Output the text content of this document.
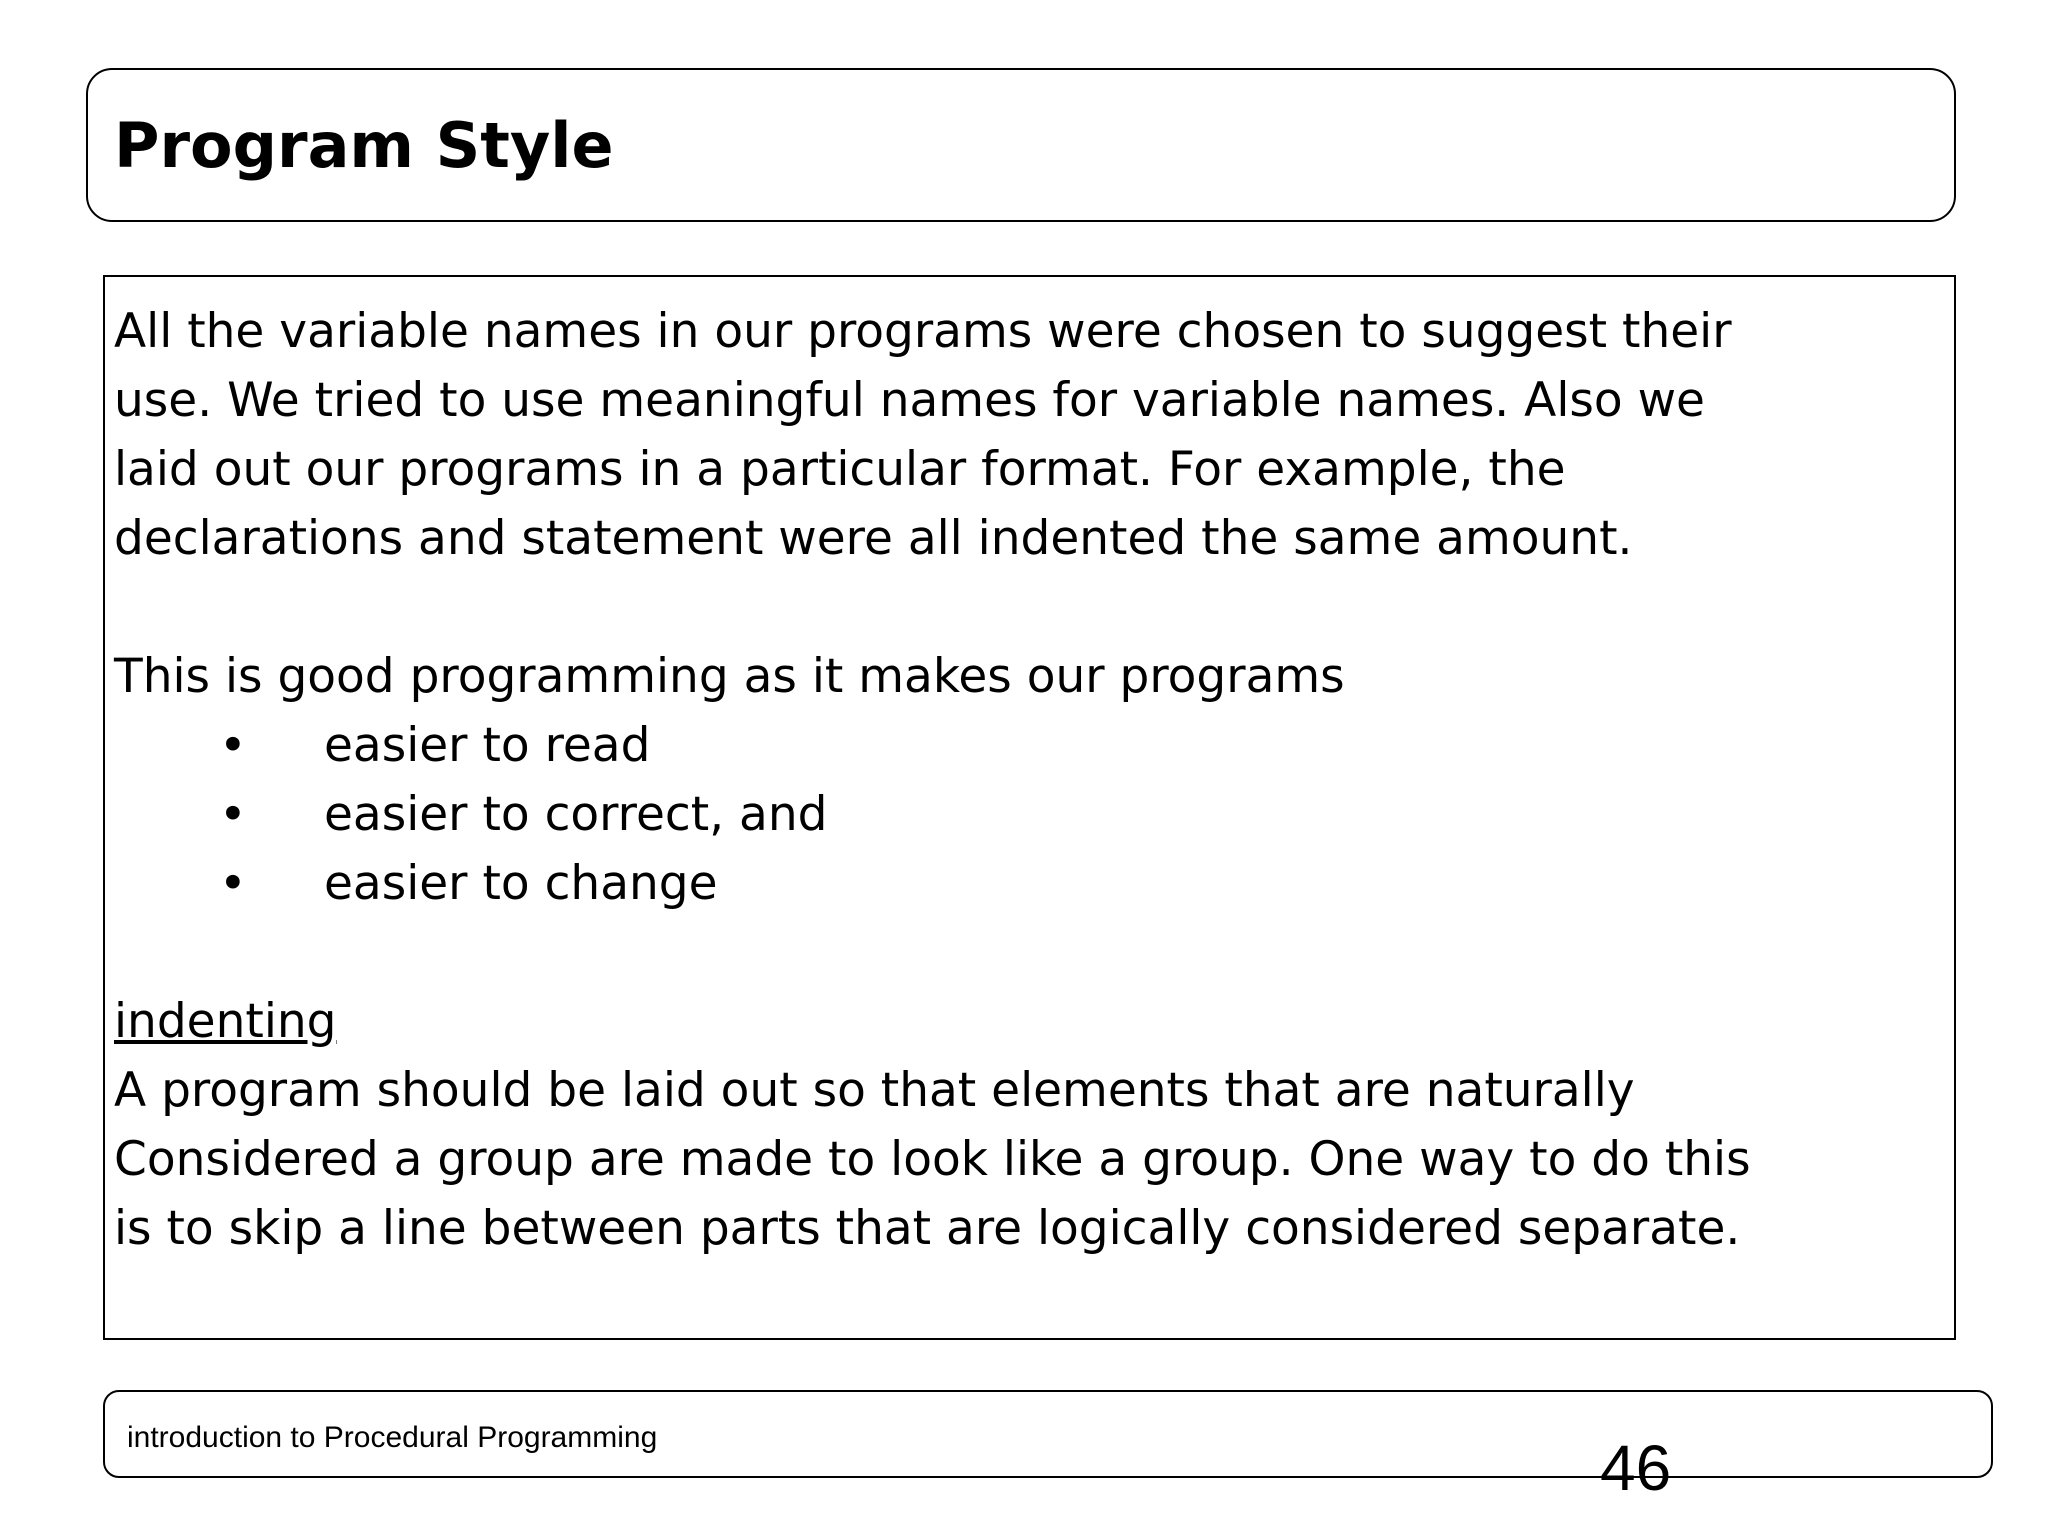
Program Style
All the variable names in our programs were chosen to suggest their
use. We tried to use meaningful names for variable names. Also we
laid out our programs in a particular format. For example, the
declarations and statement were all indented the same amount.
This is good programming as it makes our programs
• easier to read
• easier to correct, and
• easier to change
indenting
A program should be laid out so that elements that are naturally
Considered a group are made to look like a group. One way to do this
is to skip a line between parts that are logically considered separate.
introduction to Procedural Programming	46
